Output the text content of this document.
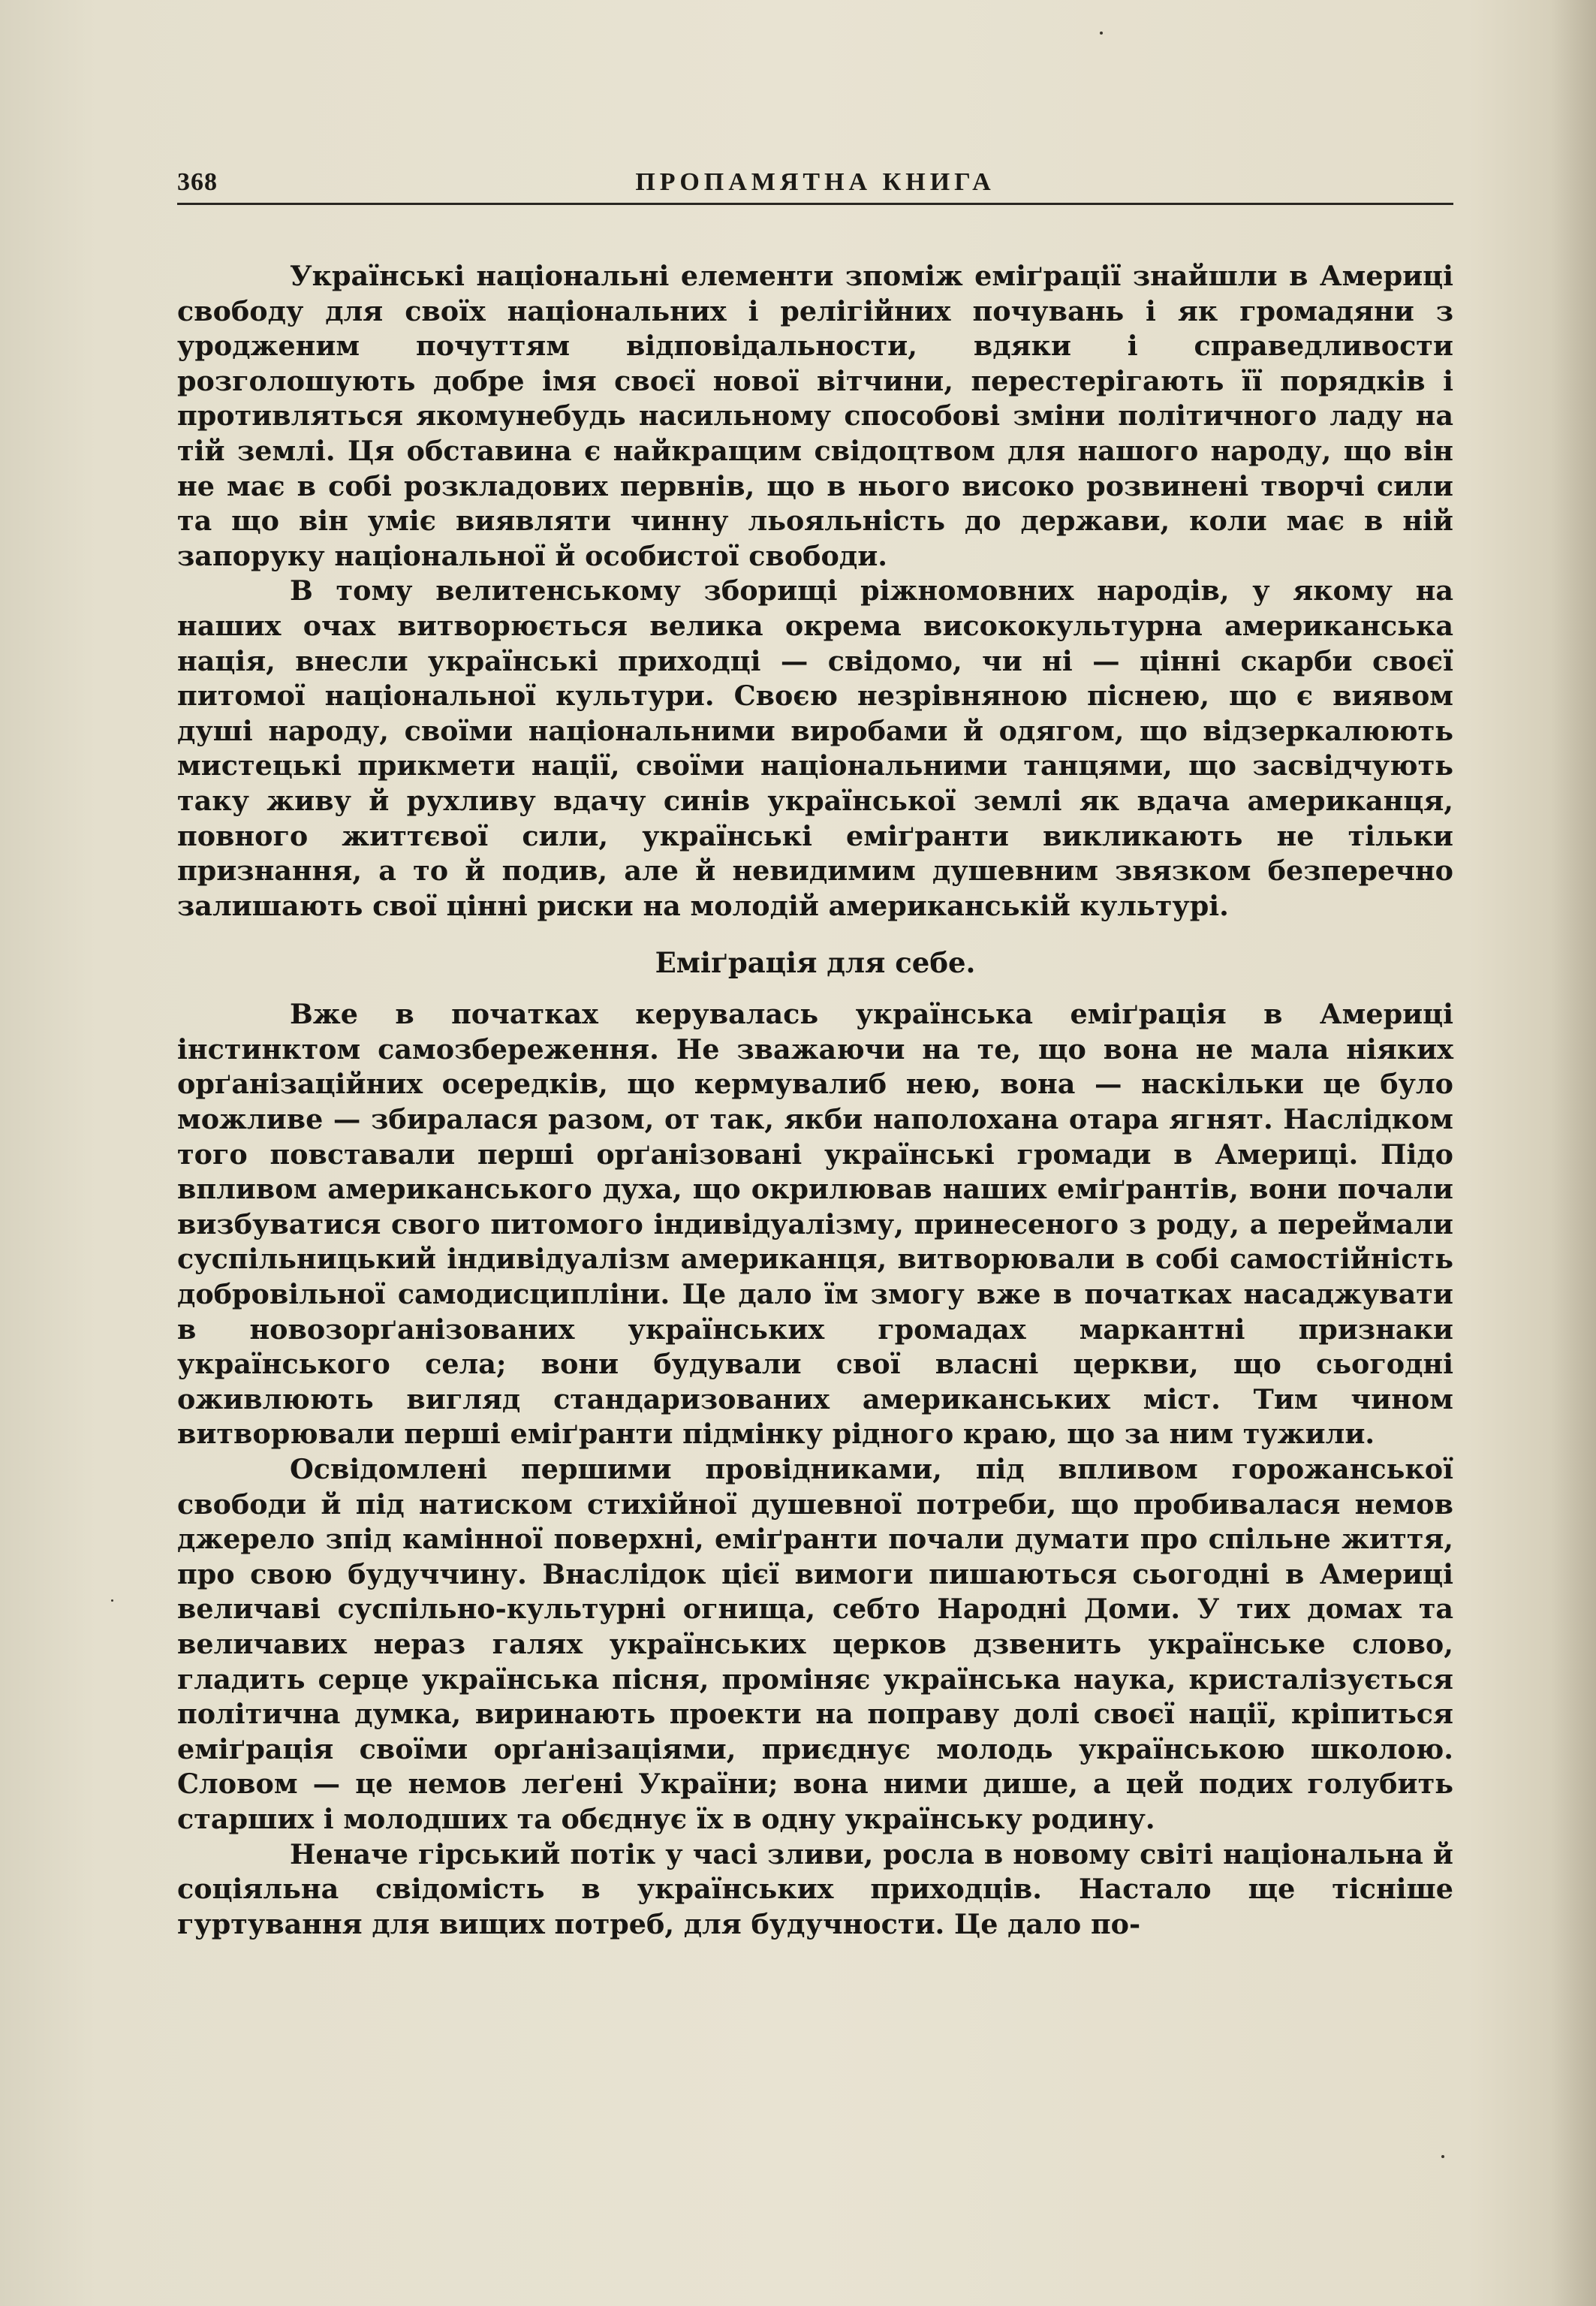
368	ПРОПАМЯТНА КНИГА

Українські національні елементи зпоміж еміґрації знайшли в Америці свободу для своїх національних і релігійних почувань і як громадяни з уродженим почуттям відповідальности, вдяки і справедливости розголошують добре імя своєї нової вітчини, перестерігають її порядків і противляться якомунебудь насильному способові зміни політичного ладу на тій землі. Ця обставина є найкращим свідоцтвом для нашого народу, що він не має в собі розкладових первнів, що в нього високо розвинені творчі сили та що він уміє виявляти чинну льояльність до держави, коли має в ній запоруку національної й особистої свободи.

В тому велитенському зборищі ріжномовних народів, у якому на наших очах витворюється велика окрема висококультурна американська нація, внесли українські приходці — свідомо, чи ні — цінні скарби своєї питомої національної культури. Своєю незрівняною піснею, що є виявом душі народу, своїми національними виробами й одягом, що відзеркалюють мистецькі прикмети нації, своїми національними танцями, що засвідчують таку живу й рухливу вдачу синів української землі як вдача американця, повного життєвої сили, українські еміґранти викликають не тільки признання, а то й подив, але й невидимим душевним звязком безперечно залишають свої цінні риски на молодій американській культурі.

Еміґрація для себе.

Вже в початках керувалась українська еміґрація в Америці інстинктом самозбереження. Не зважаючи на те, що вона не мала ніяких орґанізаційних осередків, що кермувалиб нею, вона — наскільки це було можливе — збиралася разом, от так, якби наполохана отара ягнят. Наслідком того повставали перші орґанізовані українські громади в Америці. Підо впливом американського духа, що окрилював наших еміґрантів, вони почали визбуватися свого питомого індивідуалізму, принесеного з роду, а переймали суспільницький індивідуалізм американця, витворювали в собі самостійність добровільної самодисципліни. Це дало їм змогу вже в початках насаджувати в новозорґанізованих українських громадах маркантні признаки українського села; вони будували свої власні церкви, що сьогодні оживлюють вигляд стандаризованих американських міст. Тим чином витворювали перші еміґранти підмінку рідного краю, що за ним тужили.

Освідомлені першими провідниками, під впливом горожанської свободи й під натиском стихійної душевної потреби, що пробивалася немов джерело зпід камінної поверхні, еміґранти почали думати про спільне життя, про свою будуччину. Внаслідок цієї вимоги пишаються сьогодні в Америці величаві суспільно-культурні огнища, себто Народні Доми. У тих домах та величавих нераз галях українських церков дзвенить українське слово, гладить серце українська пісня, проміняє українська наука, кристалізується політична думка, виринають проекти на поправу долі своєї нації, кріпиться еміґрація своїми орґанізаціями, приєднує молодь українською школою. Словом — це немов леґені України; вона ними дише, а цей подих голубить старших і молодших та обєднує їх в одну українську родину.

Неначе гірський потік у часі зливи, росла в новому світі національна й соціяльна свідомість в українських приходців. Настало ще тісніше гуртування для вищих потреб, для будучности. Це дало по-
